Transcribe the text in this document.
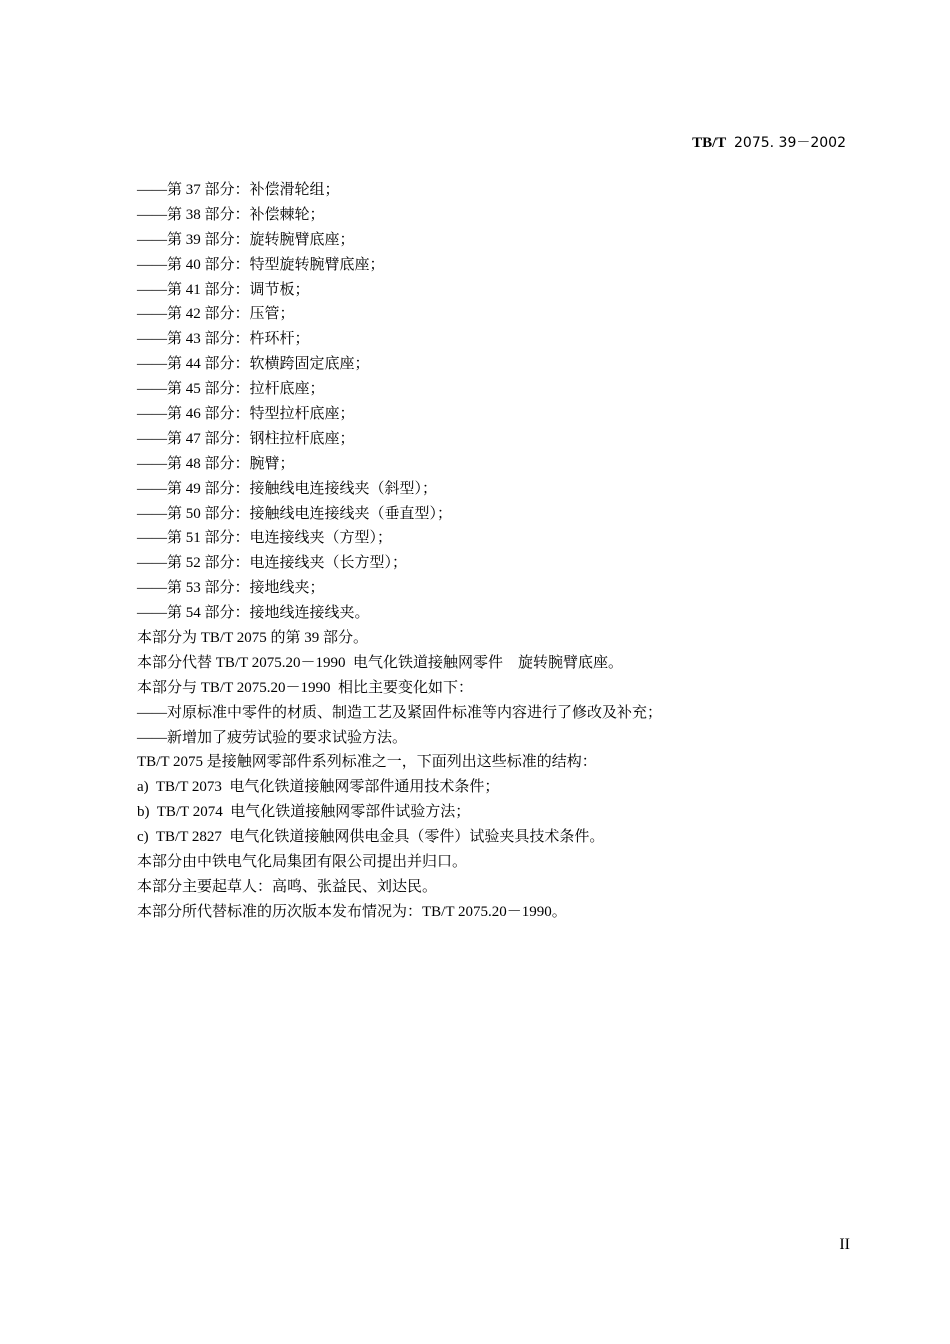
TB/T 2075. 39－2002
——第 37 部分：补偿滑轮组；
——第 38 部分：补偿棘轮；
——第 39 部分：旋转腕臂底座；
——第 40 部分：特型旋转腕臂底座；
——第 41 部分：调节板；
——第 42 部分：压管；
——第 43 部分：杵环杆；
——第 44 部分：软横跨固定底座；
——第 45 部分：拉杆底座；
——第 46 部分：特型拉杆底座；
——第 47 部分：钢柱拉杆底座；
——第 48 部分：腕臂；
——第 49 部分：接触线电连接线夹（斜型）；
——第 50 部分：接触线电连接线夹（垂直型）；
——第 51 部分：电连接线夹（方型）；
——第 52 部分：电连接线夹（长方型）；
——第 53 部分：接地线夹；
——第 54 部分：接地线连接线夹。
本部分为 TB/T 2075 的第 39 部分。
本部分代替 TB/T 2075.20－1990  电气化铁道接触网零件    旋转腕臂底座。
本部分与 TB/T 2075.20－1990  相比主要变化如下：
——对原标准中零件的材质、制造工艺及紧固件标准等内容进行了修改及补充；
——新增加了疲劳试验的要求试验方法。
TB/T 2075 是接触网零部件系列标准之一，下面列出这些标准的结构：
a)  TB/T 2073  电气化铁道接触网零部件通用技术条件；
b)  TB/T 2074  电气化铁道接触网零部件试验方法；
c)  TB/T 2827  电气化铁道接触网供电金具（零件）试验夹具技术条件。
本部分由中铁电气化局集团有限公司提出并归口。
本部分主要起草人：高鸣、张益民、刘达民。
本部分所代替标准的历次版本发布情况为：TB/T 2075.20－1990。
II
